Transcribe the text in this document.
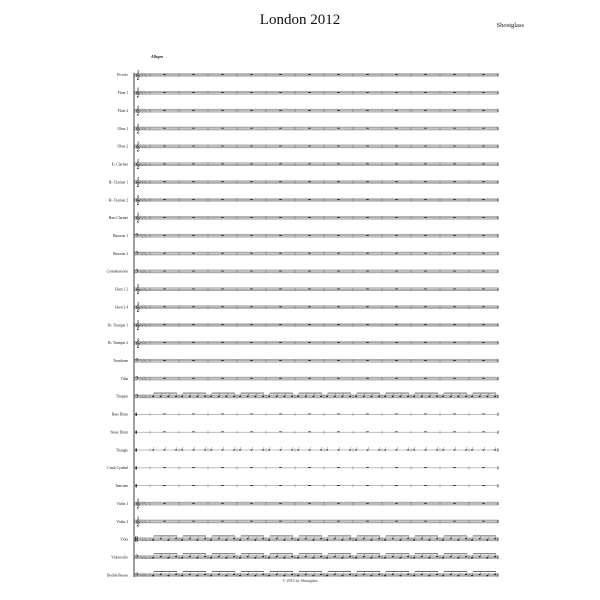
London 2012	Shostglass
Allegro
Piccolo 𝄞 ♭ ♭ ♭ ♭
Flute 1 𝄞 ♭ ♭ ♭ ♭
Flute 2 𝄞 ♭ ♭ ♭ ♭
Oboe 1 𝄞 ♭ ♭ ♭ ♭
Oboe 2 𝄞 ♭ ♭ ♭ ♭
E♭ Clarinet 𝄞 ♭ ♭ ♭ ♭
B♭ Clarinet 1 𝄞 ♭ ♭ ♭ ♭
B♭ Clarinet 2 𝄞 ♭ ♭ ♭ ♭
Bass Clarinet 𝄞 ♭ ♭ ♭ ♭
Bassoon 1 𝄢 ♭ ♭ ♭ ♭
Bassoon 2 𝄢 ♭ ♭ ♭ ♭
Contrabassoon 𝄢 ♭ ♭ ♭ ♭
Horn 1 2 𝄞 ♭ ♭ ♭ ♭
Horn 3 4 𝄞 ♭ ♭ ♭ ♭
B♭ Trumpet 1 𝄞 ♭ ♭ ♭ ♭
B♭ Trumpet 2 𝄞 ♭ ♭ ♭ ♭
Trombone 𝄢 ♭ ♭ ♭ ♭
Tuba 𝄢 ♭ ♭ ♭ ♭
Timpani 𝄢 ♭ ♭ ♭ ♭
Bass Drum
Snare Drum
Triangle
Crash Cymbal
Tam-tam
Violin 1 𝄞 ♭ ♭ ♭ ♭
Violin 2 𝄞 ♭ ♭ ♭ ♭
Viola 𝄡 ♭ ♭ ♭ ♭
Violoncello 𝄢 ♭ ♭ ♭ ♭
Double Basses 𝄢 ♭ ♭ ♭ ♭
© 2012 by Shostglass
